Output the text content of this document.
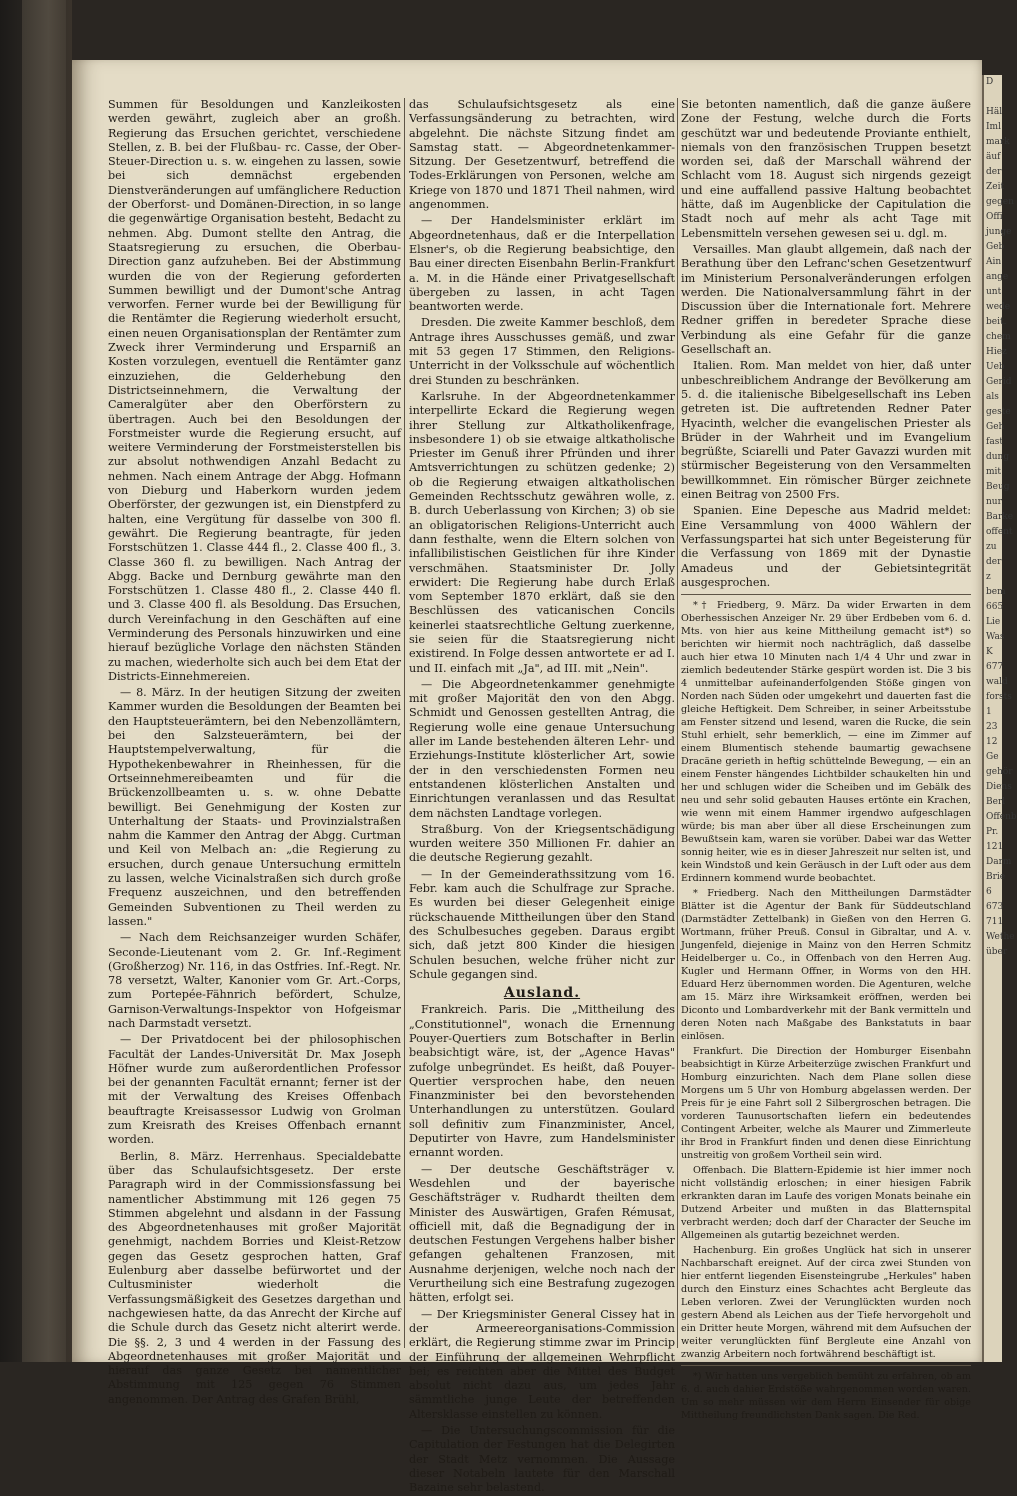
Summen für Besoldungen und Kanzleikosten werden gewährt, zugleich aber an großh. Regierung das Ersuchen gerichtet, verschiedene Stellen, z. B. bei der Flußbau- rc. Casse, der Ober-Steuer-Direction u. s. w. eingehen zu lassen, sowie bei sich demnächst ergebenden Dienstveränderungen auf umfänglichere Reduction der Oberforst- und Domänen-Direction, in so lange die gegenwärtige Organisation besteht, Bedacht zu nehmen. Abg. Dumont stellte den Antrag, die Staatsregierung zu ersuchen, die Oberbau-Direction ganz aufzuheben. Bei der Abstimmung wurden die von der Regierung geforderten Summen bewilligt und der Dumont'sche Antrag verworfen. Ferner wurde bei der Bewilligung für die Rentämter die Regierung wiederholt ersucht, einen neuen Organisationsplan der Rentämter zum Zweck ihrer Verminderung und Ersparniß an Kosten vorzulegen, eventuell die Rentämter ganz einzuziehen, die Gelderhebung den Districtseinnehmern, die Verwaltung der Cameralgüter aber den Oberförstern zu übertragen. Auch bei den Besoldungen der Forstmeister wurde die Regierung ersucht, auf weitere Verminderung der Forstmeisterstellen bis zur absolut nothwendigen Anzahl Bedacht zu nehmen. Nach einem Antrage der Abgg. Hofmann von Dieburg und Haberkorn wurden jedem Oberförster, der gezwungen ist, ein Dienstpferd zu halten, eine Vergütung für dasselbe von 300 fl. gewährt. Die Regierung beantragte, für jeden Forstschützen 1. Classe 444 fl., 2. Classe 400 fl., 3. Classe 360 fl. zu bewilligen. Nach Antrag der Abgg. Backe und Dernburg gewährte man den Forstschützen 1. Classe 480 fl., 2. Classe 440 fl. und 3. Classe 400 fl. als Besoldung. Das Ersuchen, durch Vereinfachung in den Geschäften auf eine Verminderung des Personals hinzuwirken und eine hierauf bezügliche Vorlage den nächsten Ständen zu machen, wiederholte sich auch bei dem Etat der Districts-Einnehmereien.

— 8. März. In der heutigen Sitzung der zweiten Kammer wurden die Besoldungen der Beamten bei den Hauptsteuerämtern, bei den Nebenzollämtern, bei den Salzsteuerämtern, bei der Hauptstempelverwaltung, für die Hypothekenbewahrer in Rheinhessen, für die Ortseinnehmereibeamten und für die Brückenzollbeamten u. s. w. ohne Debatte bewilligt. Bei Genehmigung der Kosten zur Unterhaltung der Staats- und Provinzialstraßen nahm die Kammer den Antrag der Abgg. Curtman und Keil von Melbach an: „die Regierung zu ersuchen, durch genaue Untersuchung ermitteln zu lassen, welche Vicinalstraßen sich durch große Frequenz auszeichnen, und den betreffenden Gemeinden Subventionen zu Theil werden zu lassen."

— Nach dem Reichsanzeiger wurden Schäfer, Seconde-Lieutenant vom 2. Gr. Inf.-Regiment (Großherzog) Nr. 116, in das Ostfries. Inf.-Regt. Nr. 78 versetzt, Walter, Kanonier vom Gr. Art.-Corps, zum Portepée-Fähnrich befördert, Schulze, Garnison-Verwaltungs-Inspektor von Hofgeismar nach Darmstadt versetzt.

— Der Privatdocent bei der philosophischen Facultät der Landes-Universität Dr. Max Joseph Höfner wurde zum außerordentlichen Professor bei der genannten Facultät ernannt; ferner ist der mit der Verwaltung des Kreises Offenbach beauftragte Kreisassessor Ludwig von Grolman zum Kreisrath des Kreises Offenbach ernannt worden.

Berlin, 8. März. Herrenhaus. Specialdebatte über das Schulaufsichtsgesetz. Der erste Paragraph wird in der Commissionsfassung bei namentlicher Abstimmung mit 126 gegen 75 Stimmen abgelehnt und alsdann in der Fassung des Abgeordnetenhauses mit großer Majorität genehmigt, nachdem Borries und Kleist-Retzow gegen das Gesetz gesprochen hatten, Graf Eulenburg aber dasselbe befürwortet und der Cultusminister wiederholt die Verfassungsmäßigkeit des Gesetzes dargethan und nachgewiesen hatte, da das Anrecht der Kirche auf die Schule durch das Gesetz nicht alterirt werde. Die §§. 2, 3 und 4 werden in der Fassung des Abgeordnetenhauses mit großer Majorität und hierauf das ganze Gesetz bei namentlicher Abstimmung mit 125 gegen 76 Stimmen angenommen. Der Antrag des Grafen Brühl,

das Schulaufsichtsgesetz als eine Verfassungsänderung zu betrachten, wird abgelehnt. Die nächste Sitzung findet am Samstag statt. — Abgeordnetenkammer-Sitzung. Der Gesetzentwurf, betreffend die Todes-Erklärungen von Personen, welche am Kriege von 1870 und 1871 Theil nahmen, wird angenommen.

— Der Handelsminister erklärt im Abgeordnetenhaus, daß er die Interpellation Elsner's, ob die Regierung beabsichtige, den Bau einer directen Eisenbahn Berlin-Frankfurt a. M. in die Hände einer Privatgesellschaft übergeben zu lassen, in acht Tagen beantworten werde.

Dresden. Die zweite Kammer beschloß, dem Antrage ihres Ausschusses gemäß, und zwar mit 53 gegen 17 Stimmen, den Religions-Unterricht in der Volksschule auf wöchentlich drei Stunden zu beschränken.

Karlsruhe. In der Abgeordnetenkammer interpellirte Eckard die Regierung wegen ihrer Stellung zur Altkatholikenfrage, insbesondere 1) ob sie etwaige altkatholische Priester im Genuß ihrer Pfründen und ihrer Amtsverrichtungen zu schützen gedenke; 2) ob die Regierung etwaigen altkatholischen Gemeinden Rechtsschutz gewähren wolle, z. B. durch Ueberlassung von Kirchen; 3) ob sie an obligatorischen Religions-Unterricht auch dann festhalte, wenn die Eltern solchen von infallibilistischen Geistlichen für ihre Kinder verschmähen. Staatsminister Dr. Jolly erwidert: Die Regierung habe durch Erlaß vom September 1870 erklärt, daß sie den Beschlüssen des vaticanischen Concils keinerlei staatsrechtliche Geltung zuerkenne, sie seien für die Staatsregierung nicht existirend. In Folge dessen antwortete er ad I. und II. einfach mit „Ja", ad III. mit „Nein".

— Die Abgeordnetenkammer genehmigte mit großer Majorität den von den Abgg. Schmidt und Genossen gestellten Antrag, die Regierung wolle eine genaue Untersuchung aller im Lande bestehenden älteren Lehr- und Erziehungs-Institute klösterlicher Art, sowie der in den verschiedensten Formen neu entstandenen klösterlichen Anstalten und Einrichtungen veranlassen und das Resultat dem nächsten Landtage vorlegen.

Straßburg. Von der Kriegsentschädigung wurden weitere 350 Millionen Fr. dahier an die deutsche Regierung gezahlt.

— In der Gemeinderathssitzung vom 16. Febr. kam auch die Schulfrage zur Sprache. Es wurden bei dieser Gelegenheit einige rückschauende Mittheilungen über den Stand des Schulbesuches gegeben. Daraus ergibt sich, daß jetzt 800 Kinder die hiesigen Schulen besuchen, welche früher nicht zur Schule gegangen sind.

Ausland.

Frankreich. Paris. Die „Mittheilung des „Constitutionnel", wonach die Ernennung Pouyer-Quertiers zum Botschafter in Berlin beabsichtigt wäre, ist, der „Agence Havas" zufolge unbegründet. Es heißt, daß Pouyer-Quertier versprochen habe, den neuen Finanzminister bei den bevorstehenden Unterhandlungen zu unterstützen. Goulard soll definitiv zum Finanzminister, Ancel, Deputirter von Havre, zum Handelsminister ernannt worden.

— Der deutsche Geschäftsträger v. Wesdehlen und der bayerische Geschäftsträger v. Rudhardt theilten dem Minister des Auswärtigen, Grafen Rémusat, officiell mit, daß die Begnadigung der in deutschen Festungen Vergehens halber bisher gefangen gehaltenen Franzosen, mit Ausnahme derjenigen, welche noch nach der Verurtheilung sich eine Bestrafung zugezogen hätten, erfolgt sei.

— Der Kriegsminister General Cissey hat in der Armeereorganisations-Commission erklärt, die Regierung stimme zwar im Princip der Einführung der allgemeinen Wehrpflicht bei; es reichten aber die Mittel des Budget absolut nicht dazu aus, um jedes Jahr sämmtliche junge Leute der betreffenden Altersklasse einstellen zu können.

— Die Untersuchungscommission für die Capitulation der Festungen hat die Delegirten der Stadt Metz vernommen. Die Aussage dieser Notabeln lautete für den Marschall Bazaine sehr belastend.

Sie betonten namentlich, daß die ganze äußere Zone der Festung, welche durch die Forts geschützt war und bedeutende Proviante enthielt, niemals von den französischen Truppen besetzt worden sei, daß der Marschall während der Schlacht vom 18. August sich nirgends gezeigt und eine auffallend passive Haltung beobachtet hätte, daß im Augenblicke der Capitulation die Stadt noch auf mehr als acht Tage mit Lebensmitteln versehen gewesen sei u. dgl. m.

Versailles. Man glaubt allgemein, daß nach der Berathung über den Lefranc'schen Gesetzentwurf im Ministerium Personalveränderungen erfolgen werden. Die Nationalversammlung fährt in der Discussion über die Internationale fort. Mehrere Redner griffen in beredeter Sprache diese Verbindung als eine Gefahr für die ganze Gesellschaft an.

Italien. Rom. Man meldet von hier, daß unter unbeschreiblichem Andrange der Bevölkerung am 5. d. die italienische Bibelgesellschaft ins Leben getreten ist. Die auftretenden Redner Pater Hyacinth, welcher die evangelischen Priester als Brüder in der Wahrheit und im Evangelium begrüßte, Sciarelli und Pater Gavazzi wurden mit stürmischer Begeisterung von den Versammelten bewillkommnet. Ein römischer Bürger zeichnete einen Beitrag von 2500 Frs.

Spanien. Eine Depesche aus Madrid meldet: Eine Versammlung von 4000 Wählern der Verfassungspartei hat sich unter Begeisterung für die Verfassung von 1869 mit der Dynastie Amadeus und der Gebietsintegrität ausgesprochen.

*† Friedberg, 9. März. Da wider Erwarten in dem Oberhessischen Anzeiger Nr. 29 über Erdbeben vom 6. d. Mts. von hier aus keine Mittheilung gemacht ist*) so berichten wir hiermit noch nachträglich, daß dasselbe auch hier etwa 10 Minuten nach 1/4 4 Uhr und zwar in ziemlich bedeutender Stärke gespürt worden ist. Die 3 bis 4 unmittelbar aufeinanderfolgenden Stöße gingen von Norden nach Süden oder umgekehrt und dauerten fast die gleiche Heftigkeit. Dem Schreiber, in seiner Arbeitsstube am Fenster sitzend und lesend, waren die Rucke, die sein Stuhl erhielt, sehr bemerklich, — eine im Zimmer auf einem Blumentisch stehende baumartig gewachsene Dracäne gerieth in heftig schüttelnde Bewegung, — ein an einem Fenster hängendes Lichtbilder schaukelten hin und her und schlugen wider die Scheiben und im Gebälk des neu und sehr solid gebauten Hauses ertönte ein Krachen, wie wenn mit einem Hammer irgendwo aufgeschlagen würde; bis man aber über all diese Erscheinungen zum Bewußtsein kam, waren sie vorüber. Dabei war das Wetter sonnig heiter, wie es in dieser Jahreszeit nur selten ist, und kein Windstoß und kein Geräusch in der Luft oder aus dem Erdinnern kommend wurde beobachtet.

* Friedberg. Nach den Mittheilungen Darmstädter Blätter ist die Agentur der Bank für Süddeutschland (Darmstädter Zettelbank) in Gießen von den Herren G. Wortmann, früher Preuß. Consul in Gibraltar, und A. v. Jungenfeld, diejenige in Mainz von den Herren Schmitz Heidelberger u. Co., in Offenbach von den Herren Aug. Kugler und Hermann Offner, in Worms von den HH. Eduard Herz übernommen worden. Die Agenturen, welche am 15. März ihre Wirksamkeit eröffnen, werden bei Diconto und Lombardverkehr mit der Bank vermitteln und deren Noten nach Maßgabe des Bankstatuts in baar einlösen.

Frankfurt. Die Direction der Homburger Eisenbahn beabsichtigt in Kürze Arbeiterzüge zwischen Frankfurt und Homburg einzurichten. Nach dem Plane sollen diese Morgens um 5 Uhr von Homburg abgelassen werden. Der Preis für je eine Fahrt soll 2 Silbergroschen betragen. Die vorderen Taunusortschaften liefern ein bedeutendes Contingent Arbeiter, welche als Maurer und Zimmerleute ihr Brod in Frankfurt finden und denen diese Einrichtung unstreitig von großem Vortheil sein wird.

Offenbach. Die Blattern-Epidemie ist hier immer noch nicht vollständig erloschen; in einer hiesigen Fabrik erkrankten daran im Laufe des vorigen Monats beinahe ein Dutzend Arbeiter und mußten in das Blatternspital verbracht werden; doch darf der Character der Seuche im Allgemeinen als gutartig bezeichnet werden.

Hachenburg. Ein großes Unglück hat sich in unserer Nachbarschaft ereignet. Auf der circa zwei Stunden von hier entfernt liegenden Eisensteingrube „Herkules" haben durch den Einsturz eines Schachtes acht Bergleute das Leben verloren. Zwei der Verunglückten wurden noch gestern Abend als Leichen aus der Tiefe hervorgeholt und ein Dritter heute Morgen, während mit dem Aufsuchen der weiter verunglückten fünf Bergleute eine Anzahl von zwanzig Arbeitern noch fortwährend beschäftigt ist.

*) Wir hatten uns vergeblich bemüht zu erfahren, ob am 6. d. auch dahier Erdstöße wahrgenommen worden waren. Um so mehr müssen wir dem Herrn Einsender für obige Mittheilung freundlichsten Dank sagen. Die Red.

D

Häl
Iml
mark
äuf
der
Zeit
gegen
Offi
junge
Geb
Ain
ange
unt
wede
beit.
chem
Hiez
Ueb
Gerid
als
geste
Geh
fast
dung
mit
Beug
nur
Barke
offent
zu
der
z
bem
665
Lie
Was
K
677
wald
forsts
1
23
12
Ge
gehör
Diens
Berl
Offenb
Pr.
121
Darm
Brie
6
673
711
Wethe
über
